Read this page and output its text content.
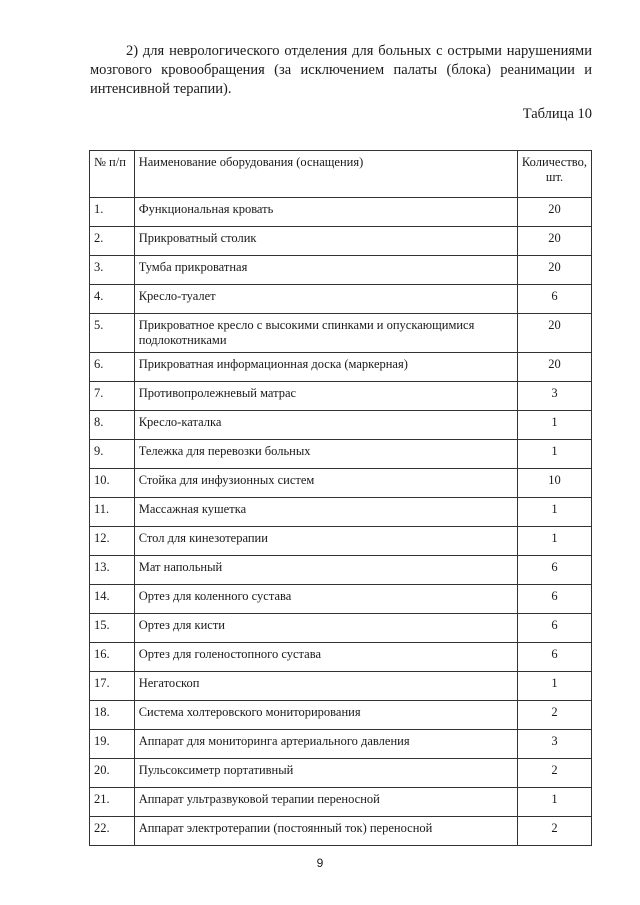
2) для неврологического отделения для больных с острыми нарушениями мозгового кровообращения (за исключением палаты (блока) реанимации и интенсивной терапии).

Таблица 10
№ п/п	Наименование оборудования (оснащения)	Количество, шт.
1.	Функциональная кровать	20
2.	Прикроватный столик	20
3.	Тумба прикроватная	20
4.	Кресло-туалет	6
5.	Прикроватное кресло с высокими спинками и опускающимися подлокотниками	20
6.	Прикроватная информационная доска (маркерная)	20
7.	Противопролежневый матрас	3
8.	Кресло-каталка	1
9.	Тележка для перевозки больных	1
10.	Стойка для инфузионных систем	10
11.	Массажная кушетка	1
12.	Стол для кинезотерапии	1
13.	Мат напольный	6
14.	Ортез для коленного сустава	6
15.	Ортез для кисти	6
16.	Ортез для голеностопного сустава	6
17.	Негатоскоп	1
18.	Система холтеровского мониторирования	2
19.	Аппарат для мониторинга артериального давления	3
20.	Пульсоксиметр портативный	2
21.	Аппарат ультразвуковой терапии переносной	1
22.	Аппарат электротерапии (постоянный ток) переносной	2
9
